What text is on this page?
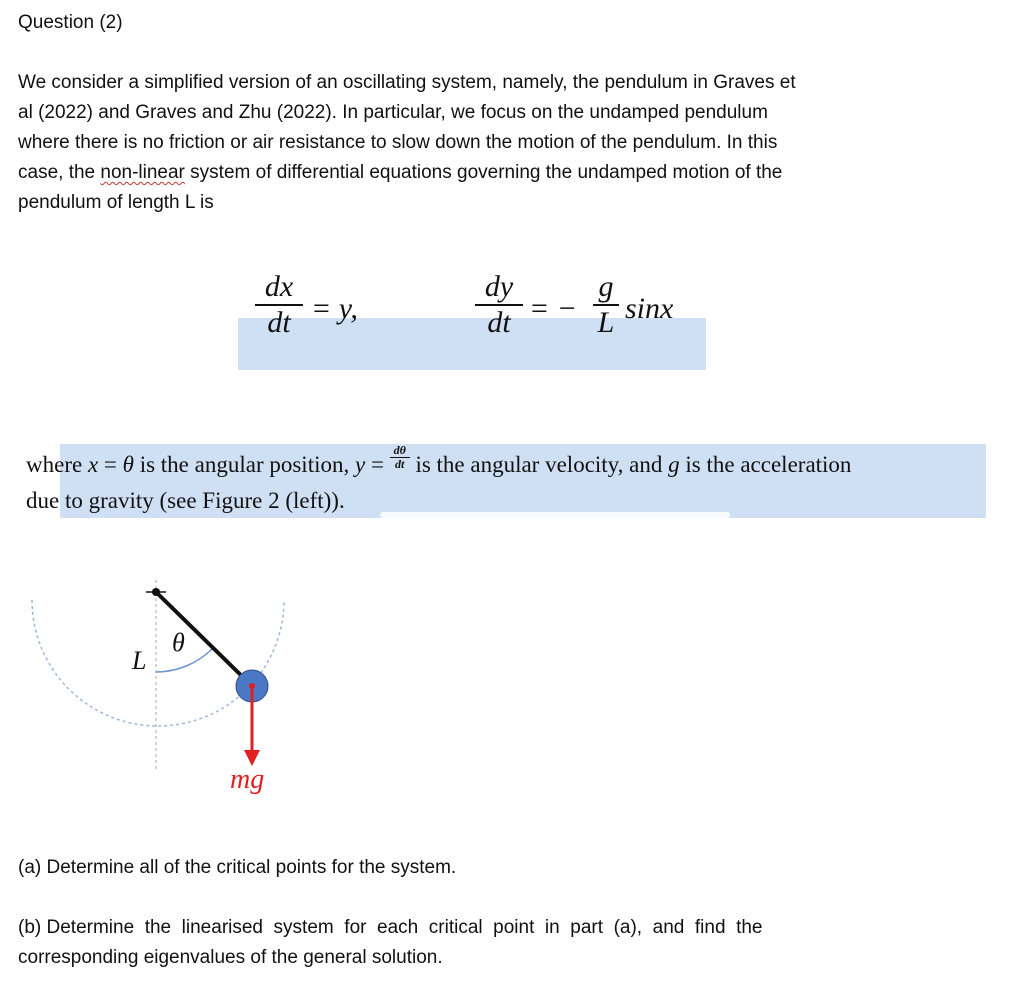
Question (2)
We consider a simplified version of an oscillating system, namely, the pendulum in Graves et
al (2022) and Graves and Zhu (2022). In particular, we focus on the undamped pendulum
where there is no friction or air resistance to slow down the motion of the pendulum. In this
case, the non-linear system of differential equations governing the undamped motion of the
pendulum of length L is
$\frac{dx}{dt} = y$,	$\frac{dy}{dt}$ = − $\frac{g}{L}$ sinx
where x = θ is the angular position, $y = \frac{d\theta}{dt}$ is the angular velocity, and g is the acceleration
due to gravity (see Figure 2 (left)).
L
θ
mg
(a) Determine all of the critical points for the system.
(b) Determine  the  linearised  system  for  each  critical  point  in  part  (a),  and  find  the
corresponding eigenvalues of the general solution.
